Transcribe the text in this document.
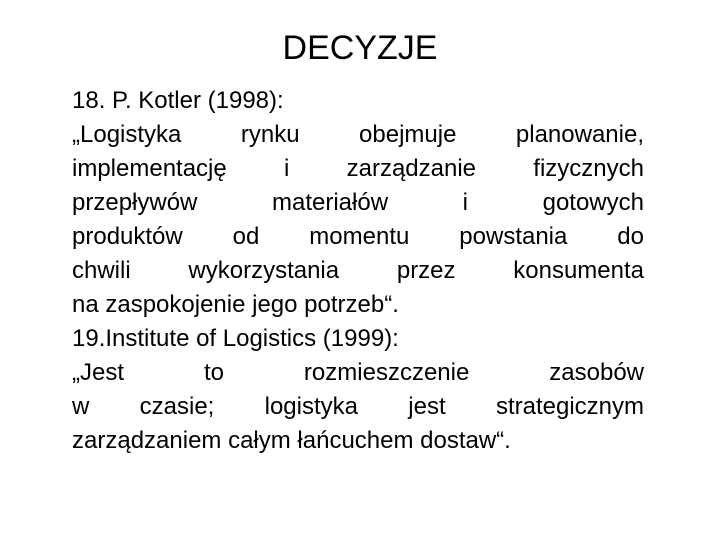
DECYZJE
18. P. Kotler (1998):
„Logistyka rynku obejmuje planowanie,
implementację i zarządzanie fizycznych
przepływów materiałów i gotowych
produktów od momentu powstania do
chwili wykorzystania przez konsumenta
na zaspokojenie jego potrzeb“.
19.Institute of Logistics (1999):
„Jest to rozmieszczenie zasobów
w czasie; logistyka jest strategicznym
zarządzaniem całym łańcuchem dostaw“.
